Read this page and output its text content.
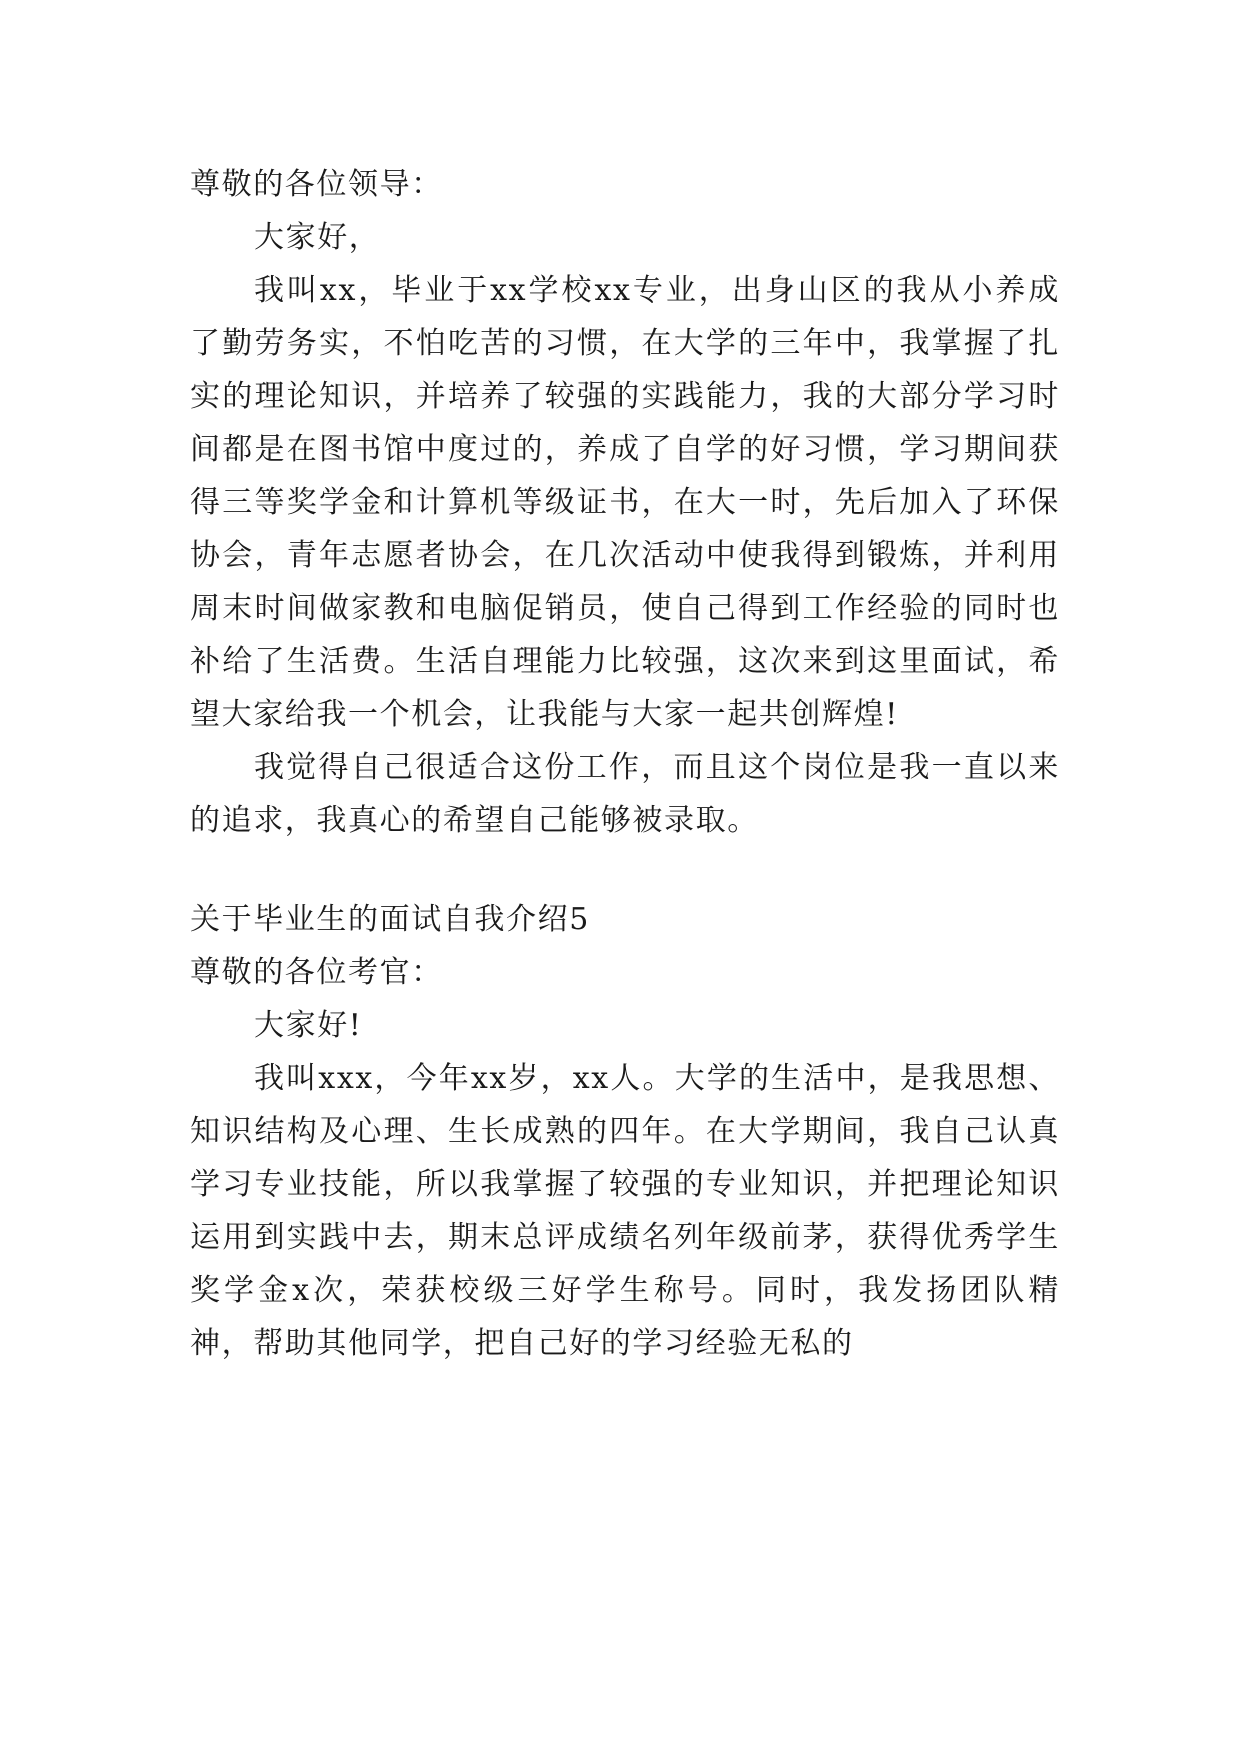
尊敬的各位领导：

大家好，

我叫xx，毕业于xx学校xx专业，出身山区的我从小养成了勤劳务实，不怕吃苦的习惯，在大学的三年中，我掌握了扎实的理论知识，并培养了较强的实践能力，我的大部分学习时间都是在图书馆中度过的，养成了自学的好习惯，学习期间获得三等奖学金和计算机等级证书，在大一时，先后加入了环保协会，青年志愿者协会，在几次活动中使我得到锻炼，并利用周末时间做家教和电脑促销员，使自己得到工作经验的同时也补给了生活费。生活自理能力比较强，这次来到这里面试，希望大家给我一个机会，让我能与大家一起共创辉煌!

我觉得自己很适合这份工作，而且这个岗位是我一直以来的追求，我真心的希望自己能够被录取。

关于毕业生的面试自我介绍5

尊敬的各位考官：

大家好!

我叫xxx，今年xx岁，xx人。大学的生活中，是我思想、知识结构及心理、生长成熟的四年。在大学期间，我自己认真学习专业技能，所以我掌握了较强的专业知识，并把理论知识运用到实践中去，期末总评成绩名列年级前茅，获得优秀学生奖学金x次，荣获校级三好学生称号。同时，我发扬团队精神，帮助其他同学，把自己好的学习经验无私的
